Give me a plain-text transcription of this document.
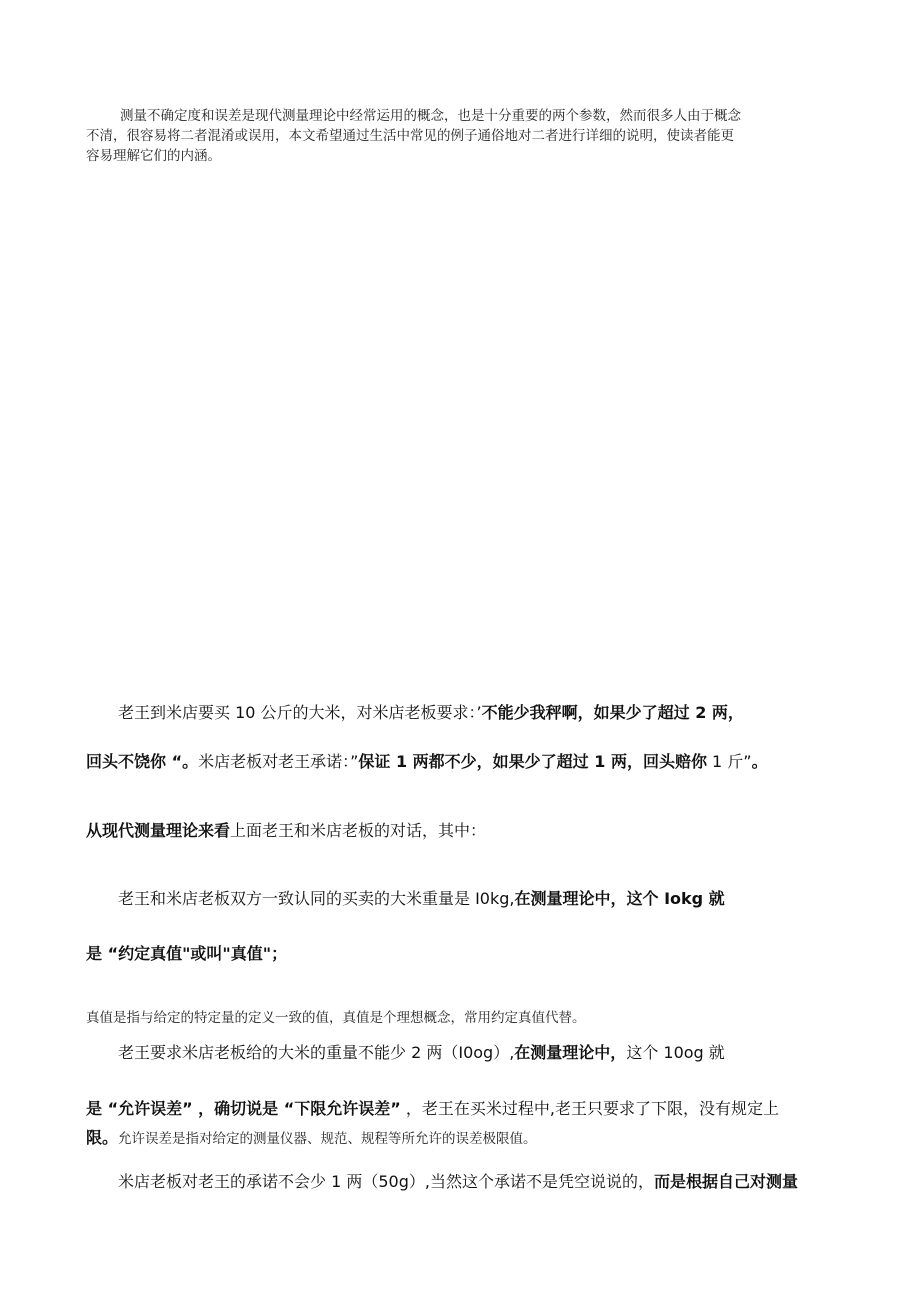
测量不确定度和误差是现代测量理论中经常运用的概念，也是十分重要的两个参数，然而很多人由于概念
不清，很容易将二者混淆或误用，本文希望通过生活中常见的例子通俗地对二者进行详细的说明，使读者能更
容易理解它们的内涵。

老王到米店要买 10 公斤的大米，对米店老板要求：’不能少我秤啊，如果少了超过 2 两，

回头不饶你 “。米店老板对老王承诺：”保证 1 两都不少，如果少了超过 1 两，回头赔你 1 斤”。

从现代测量理论来看上面老王和米店老板的对话，其中：

老王和米店老板双方一致认同的买卖的大米重量是 I0kg,在测量理论中，这个 Iokg 就

是 “约定真值"或叫"真值"；

真值是指与给定的特定量的定义一致的值，真值是个理想概念，常用约定真值代替。

老王要求米店老板给的大米的重量不能少 2 两（I0og）,在测量理论中，这个 10og 就

是 “允许误差” ，确切说是 “下限允许误差” ，老王在买米过程中,老王只要求了下限，没有规定上

限。允许误差是指对给定的测量仪器、规范、规程等所允许的误差极限值。

米店老板对老王的承诺不会少 1 两（50g）,当然这个承诺不是凭空说说的，而是根据自己对测量
